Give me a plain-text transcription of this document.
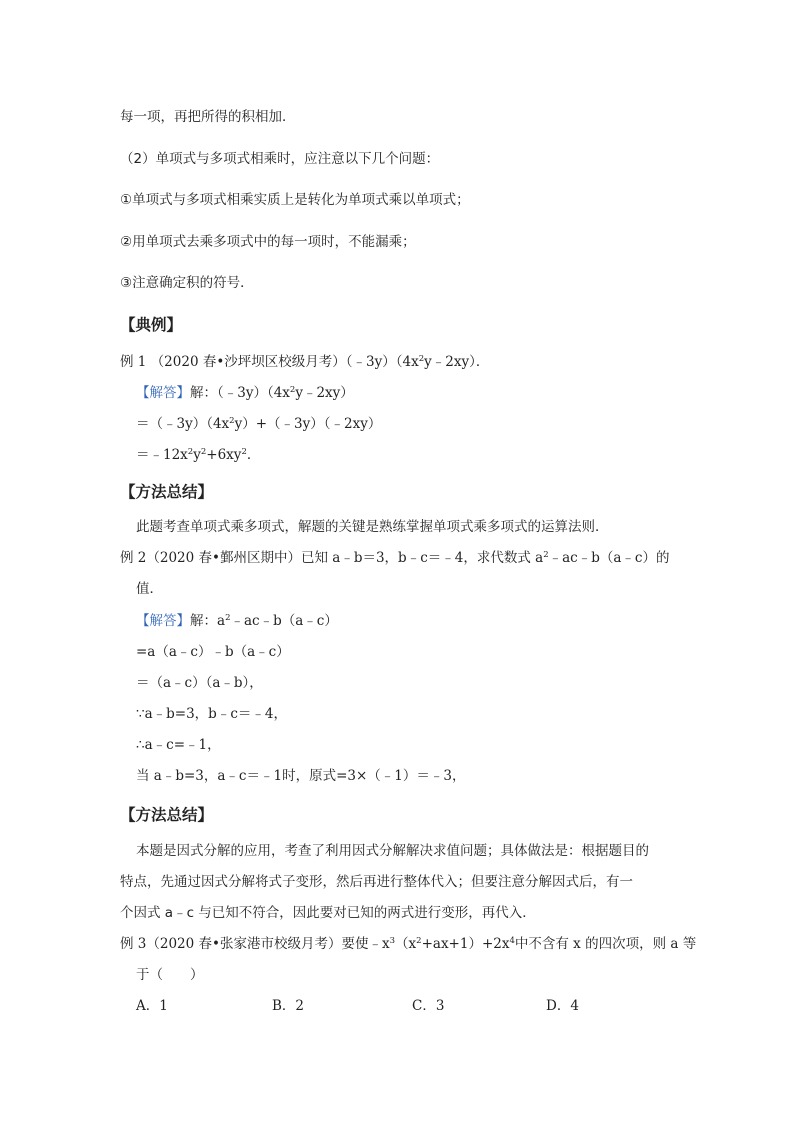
每一项，再把所得的积相加．
（2）单项式与多项式相乘时，应注意以下几个问题：
①单项式与多项式相乘实质上是转化为单项式乘以单项式；
②用单项式去乘多项式中的每一项时，不能漏乘；
③注意确定积的符号．
【典例】
例 1 （2020 春•沙坪坝区校级月考）$(﹣3y)(4x^2y﹣2xy)$．
【解答】解：$(﹣3y)(4x^2y﹣2xy)$
$=(﹣3y)(4x^2y)+(﹣3y)(﹣2xy)$
$=﹣12x^2y^2+6xy^2$．
【方法总结】
此题考查单项式乘多项式，解题的关键是熟练掌握单项式乘多项式的运算法则．
例 2（2020 春•鄞州区期中）已知 a﹣b＝3，b﹣c＝﹣4，求代数式 $a^2﹣ac﹣b(a﹣c)$的
值．
【解答】解：$a^2﹣ac﹣b(a﹣c)$
=a（a﹣c）﹣b（a﹣c）
＝（a﹣c）（a﹣b），
∵a﹣b=3，b﹣c＝﹣4，
∴a﹣c=﹣1，
当 a﹣b=3，a﹣c＝﹣1时，原式=3×（﹣1）＝﹣3，
【方法总结】
本题是因式分解的应用，考查了利用因式分解解决求值问题；具体做法是：根据题目的
特点，先通过因式分解将式子变形，然后再进行整体代入；但要注意分解因式后，有一
个因式 a﹣c 与已知不符合，因此要对已知的两式进行变形，再代入．
例 3（2020 春•张家港市校级月考）要使$﹣x^3(x^2+ax+1)+2x^4$中不含有 x 的四次项，则 a 等
于（　　）
A．1	B．2	C．3	D．4
